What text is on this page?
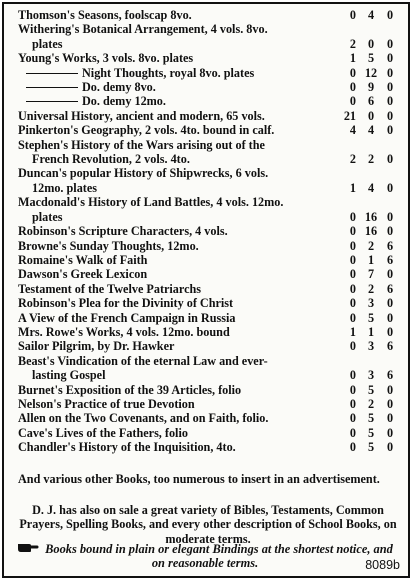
Thomson's Seasons, foolscap 8vo.	0 4	0
Withering's Botanical Arrangement, 4 vols. 8vo.
plates	2 0	0
Young's Works, 3 vols. 8vo. plates	1 5	0
Night Thoughts, royal 8vo. plates	0 12 0
Do. demy 8vo.	0 9	0
Do. demy 12mo.	0 6	0
Universal History, ancient and modern, 65 vols.	21 0	0
Pinkerton's Geography, 2 vols. 4to. bound in calf.	4 4	0
Stephen's History of the Wars arising out of the
French Revolution, 2 vols. 4to.	2 2	0
Duncan's popular History of Shipwrecks, 6 vols.
12mo. plates	1 4	0
Macdonald's History of Land Battles, 4 vols. 12mo.
plates	0 16 0
Robinson's Scripture Characters, 4 vols.	0 16 0
Browne's Sunday Thoughts, 12mo.	0 2	6
Romaine's Walk of Faith	0 1	6
Dawson's Greek Lexicon	0 7	0
Testament of the Twelve Patriarchs	0 2	6
Robinson's Plea for the Divinity of Christ	0 3	0
A View of the French Campaign in Russia	0 5	0
Mrs. Rowe's Works, 4 vols. 12mo. bound	1 1	0
Sailor Pilgrim, by Dr. Hawker	0 3	6
Beast's Vindication of the eternal Law and ever-
lasting Gospel	0 3	6
Burnet's Exposition of the 39 Articles, folio	0 5	0
Nelson's Practice of true Devotion	0 2	0
Allen on the Two Covenants, and on Faith, folio.	0 5	0
Cave's Lives of the Fathers, folio	0 5	0
Chandler's History of the Inquisition, 4to.	0 5	0
And various other Books, too numerous to insert in an advertisement.
D. J. has also on sale a great variety of Bibles, Testaments, Common Prayers, Spelling Books, and every other description of School Books, on moderate terms.
Books bound in plain or elegant Bindings at the shortest notice, and on reasonable terms.	8089b
